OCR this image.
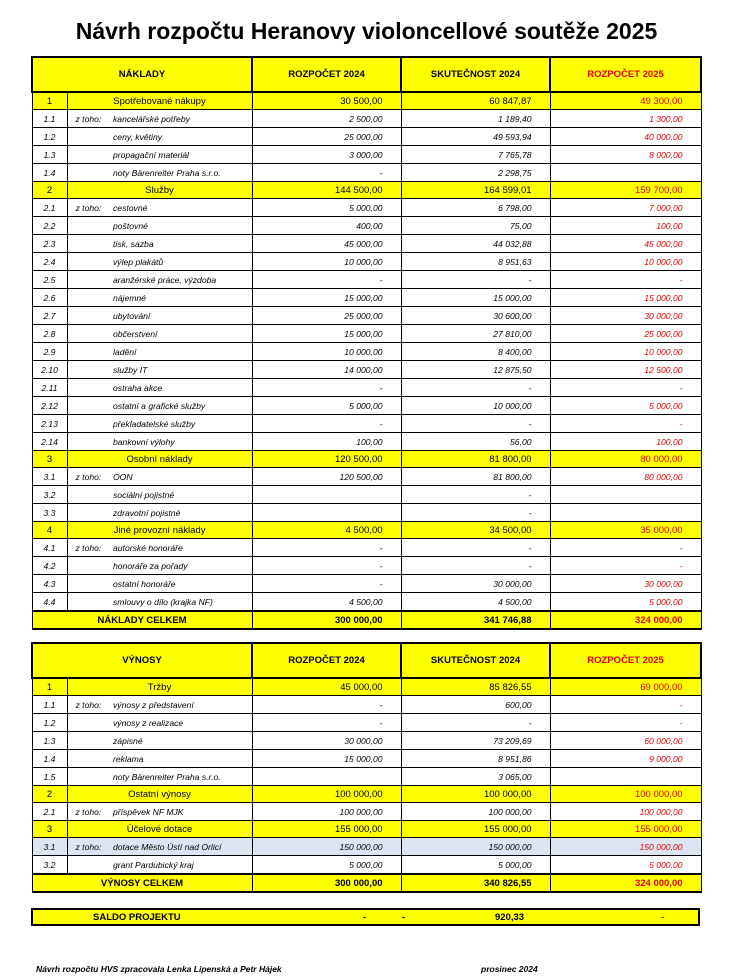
Návrh rozpočtu Heranovy violoncellové soutěže 2025
NÁKLADY			ROZPOČET 2024	SKUTEČNOST 2024	ROZPOČET 2025
1	Spotřebované nákupy		30 500,00	60 847,87	49 300,00
1.1	z toho:	kancelářské potřeby	2 500,00	1 189,40	1 300,00
1.2		ceny, květiny	25 000,00	49 593,94	40 000,00
1.3		propagační materiál	3 000,00	7 765,78	8 000,00
1.4		noty Bärenreiter Praha s.r.o.	-	2 298,75	
2	Služby		144 500,00	164 599,01	159 700,00
2.1	z toho:	cestovné	5 000,00	6 798,00	7 000,00
2.2		poštovné	400,00	75,00	100,00
2.3		tisk, sazba	45 000,00	44 032,88	45 000,00
2.4		výlep plakátů	10 000,00	8 951,63	10 000,00
2.5		aranžérské práce, výzdoba	-	-	-
2.6		nájemné	15 000,00	15 000,00	15 000,00
2.7		ubytování	25 000,00	30 600,00	30 000,00
2.8		občerstvení	15 000,00	27 810,00	25 000,00
2.9		ladění	10 000,00	8 400,00	10 000,00
2.10		služby IT	14 000,00	12 875,50	12 500,00
2.11		ostraha akce	-	-	-
2.12		ostatní a grafické služby	5 000,00	10 000,00	5 000,00
2.13		překladatelské služby	-	-	-
2.14		bankovní výlohy	100,00	56,00	100,00
3	Osobní náklady		120 500,00	81 800,00	80 000,00
3.1	z toho:	OON	120 500,00	81 800,00	80 000,00
3.2		sociální pojistné		-	
3.3		zdravotní pojistné		-	
4	Jiné provozní náklady		4 500,00	34 500,00	35 000,00
4.1	z toho:	autorské honoráře	-	-	-
4.2		honoráře za pořady	-	-	-
4.3		ostatní honoráře	-	30 000,00	30 000,00
4.4		smlouvy o dílo (krajka NF)	4 500,00	4 500,00	5 000,00
NÁKLADY CELKEM			300 000,00	341 746,88	324 000,00
VÝNOSY			ROZPOČET 2024	SKUTEČNOST 2024	ROZPOČET 2025
1	Tržby		45 000,00	85 826,55	69 000,00
1.1	z toho:	výnosy z představení	-	600,00	-
1.2		výnosy z realizace	-	-	-
1.3		zápisné	30 000,00	73 209,69	60 000,00
1.4		reklama	15 000,00	8 951,86	9 000,00
1.5		noty Bärenreiter Praha s.r.o.		3 065,00	
2	Ostatní výnosy		100 000,00	100 000,00	100 000,00
2.1	z toho:	příspěvek NF MJK	100 000,00	100 000,00	100 000,00
3	Účelové dotace		155 000,00	155 000,00	155 000,00
3.1	z toho:	dotace Město Ústí nad Orlicí	150 000,00	150 000,00	150 000,00
3.2		grant Pardubický kraj	5 000,00	5 000,00	5 000,00
VÝNOSY CELKEM			300 000,00	340 826,55	324 000,00
SALDO PROJEKTU	-	-	920,33	-
Návrh rozpočtu HVS zpracovala Lenka Lipenská a Petr Hájek	prosinec 2024
